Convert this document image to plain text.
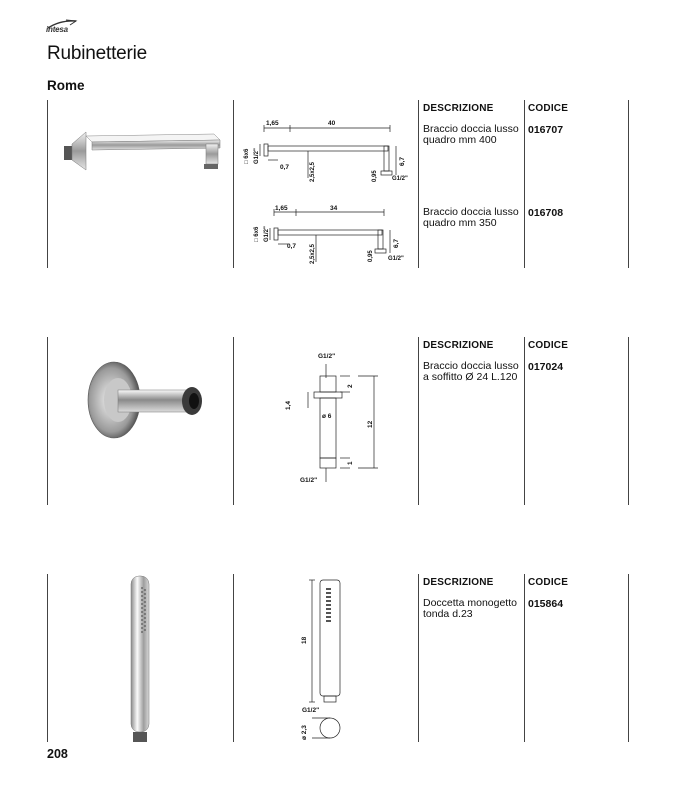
intesa
Rubinetterie
Rome
1,65	40
□ 6x6 G1/2"
0,7	2,5x2,5	0,95
6,7
G1/2"
1,65	34
□ 6x6 G1/2"
0,7 2,5x2,5	0,95
6,7
G1/2"
DESCRIZIONE	CODICE
Braccio doccia lusso quadro mm 400
016707
Braccio doccia lusso quadro mm 350
016708
G1/2"
2
1,4
ø 6
12
1
G1/2"
DESCRIZIONE	CODICE
Braccio doccia lusso a soffitto Ø 24 L.120
017024
18
G1/2"
ø 2,3
DESCRIZIONE	CODICE
Doccetta monogetto tonda d.23
015864
208
